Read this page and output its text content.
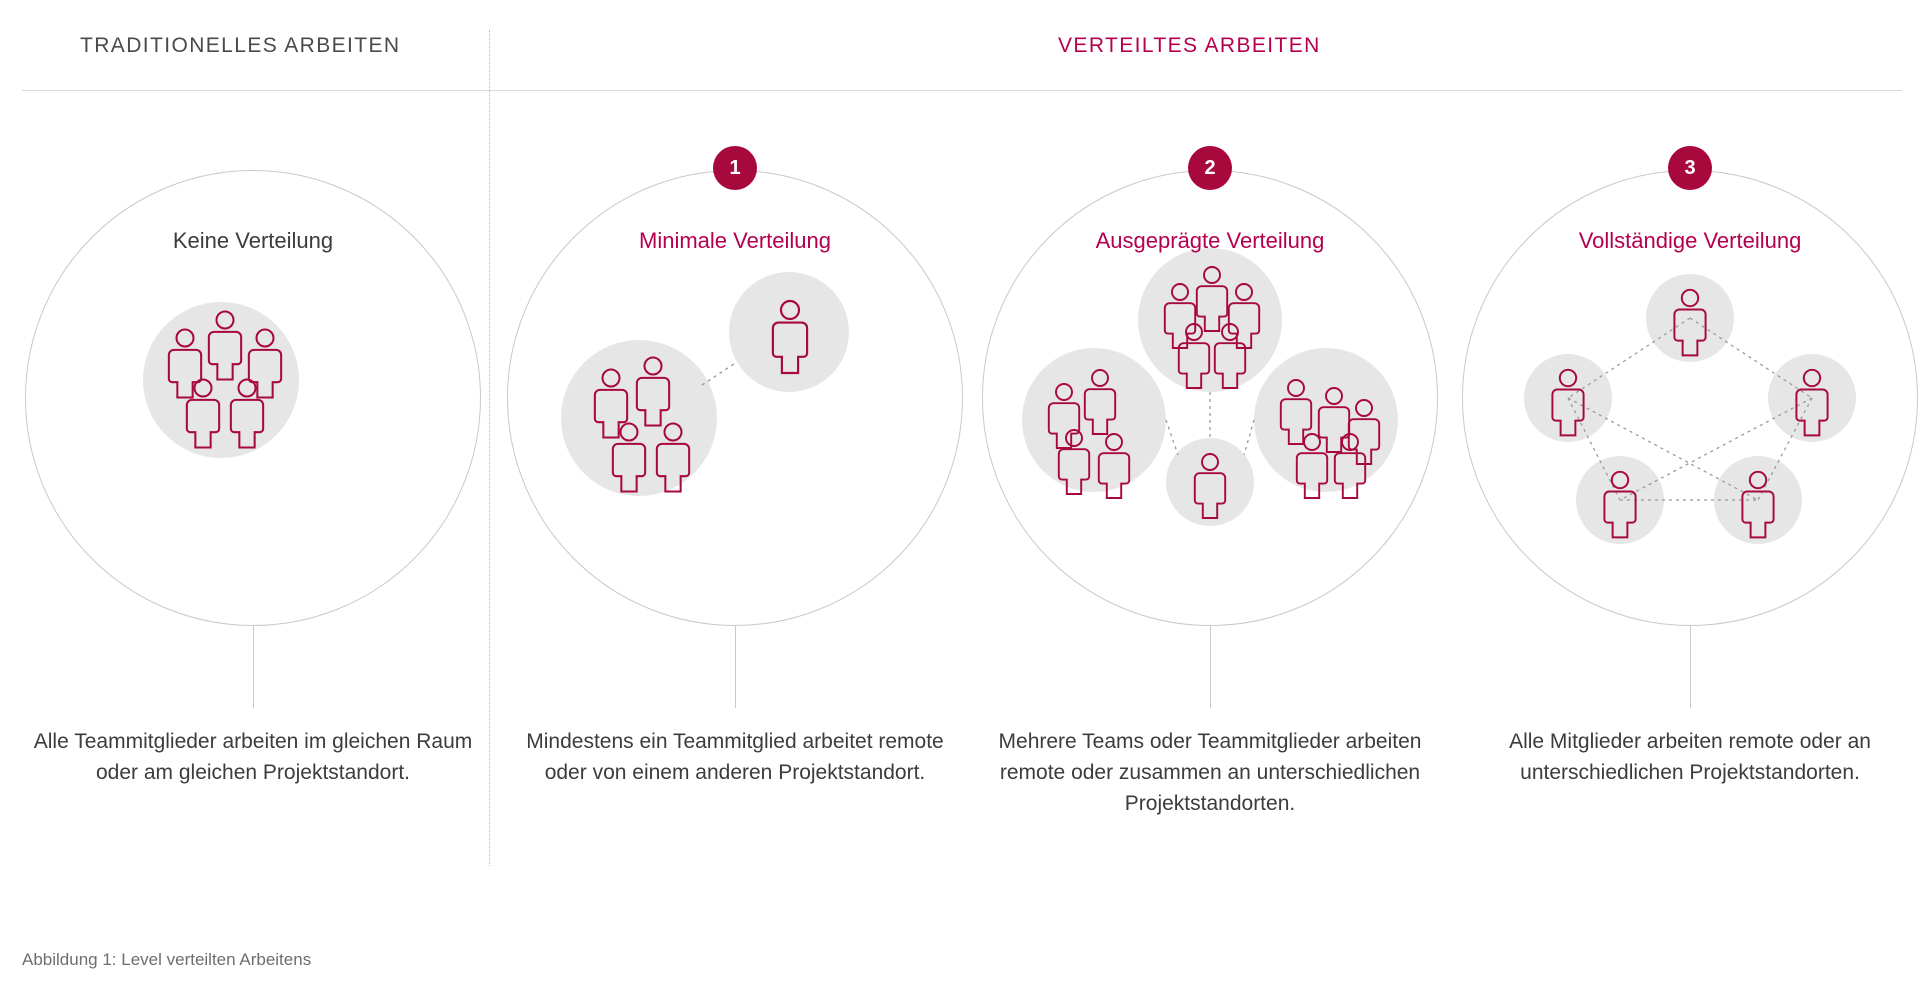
TRADITIONELLES ARBEITEN	VERTEILTES ARBEITEN
Keine Verteilung
Alle Teammitglieder arbeiten im gleichen Raum oder am gleichen Projektstandort.
1
Minimale Verteilung
Mindestens ein Teammitglied arbeitet remote oder von einem anderen Projektstandort.
2
Ausgeprägte Verteilung
Mehrere Teams oder Teammitglieder arbeiten remote oder zusammen an unterschiedlichen Projektstandorten.
3
Vollständige Verteilung
Alle Mitglieder arbeiten remote oder an unterschiedlichen Projektstandorten.
Abbildung 1: Level verteilten Arbeitens
